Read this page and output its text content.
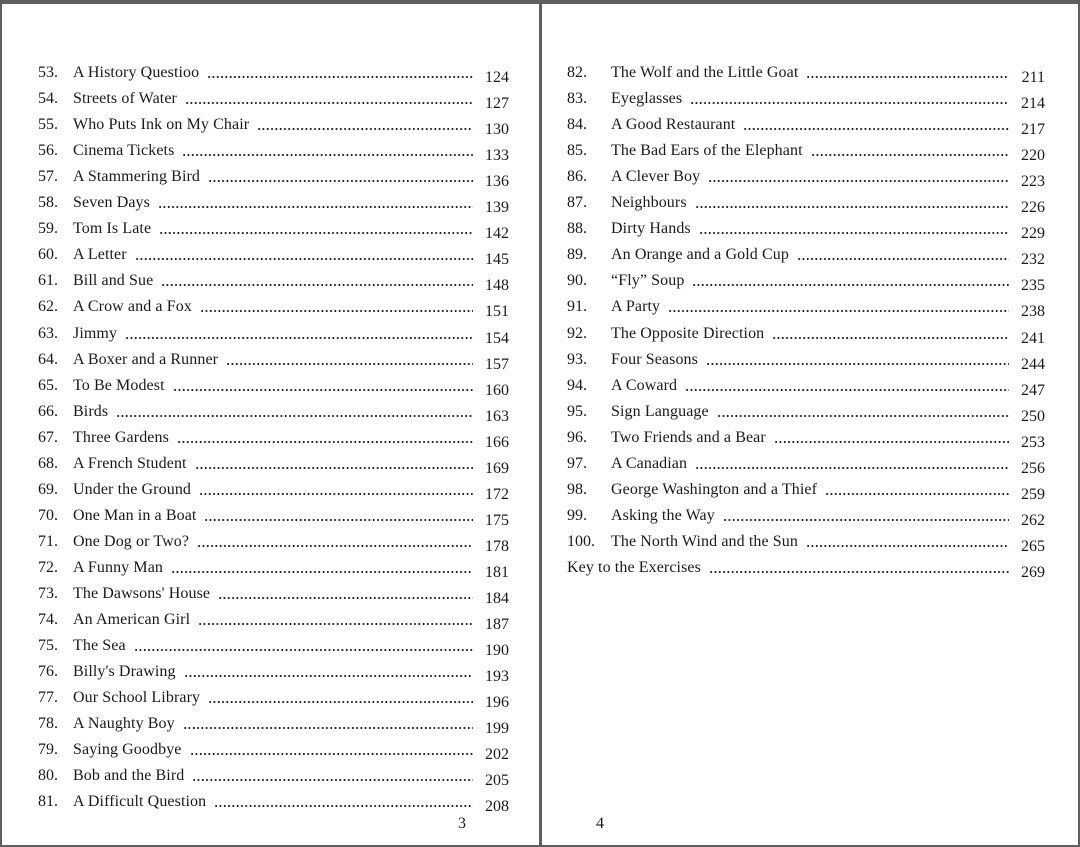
53. A History Questioo	124
54. Streets of Water	127
55. Who Puts Ink on My Chair	130
56. Cinema Tickets	133
57. A Stammering Bird	136
58. Seven Days	139
59. Tom Is Late	142
60. A Letter	145
61. Bill and Sue	148
62. A Crow and a Fox	151
63. Jimmy	154
64. A Boxer and a Runner	157
65. To Be Modest	160
66. Birds	163
67. Three Gardens	166
68. A French Student	169
69. Under the Ground	172
70. One Man in a Boat	175
71. One Dog or Two?	178
72. A Funny Man	181
73. The Dawsons' House	184
74. An American Girl	187
75. The Sea	190
76. Billy's Drawing	193
77. Our School Library	196
78. A Naughty Boy	199
79. Saying Goodbye	202
80. Bob and the Bird	205
81. A Difficult Question	208
3
82.	The Wolf and the Little Goat	211
83.	Eyeglasses	214
84.	A Good Restaurant	217
85.	The Bad Ears of the Elephant	220
86.	A Clever Boy	223
87.	Neighbours	226
88.	Dirty Hands	229
89.	An Orange and a Gold Cup	232
90.	“Fly” Soup	235
91.	A Party	238
92.	The Opposite Direction	241
93.	Four Seasons	244
94.	A Coward	247
95.	Sign Language	250
96.	Two Friends and a Bear	253
97.	A Canadian	256
98.	George Washington and a Thief	259
99.	Asking the Way	262
100.	The North Wind and the Sun	265
Key to the Exercises	269
4
